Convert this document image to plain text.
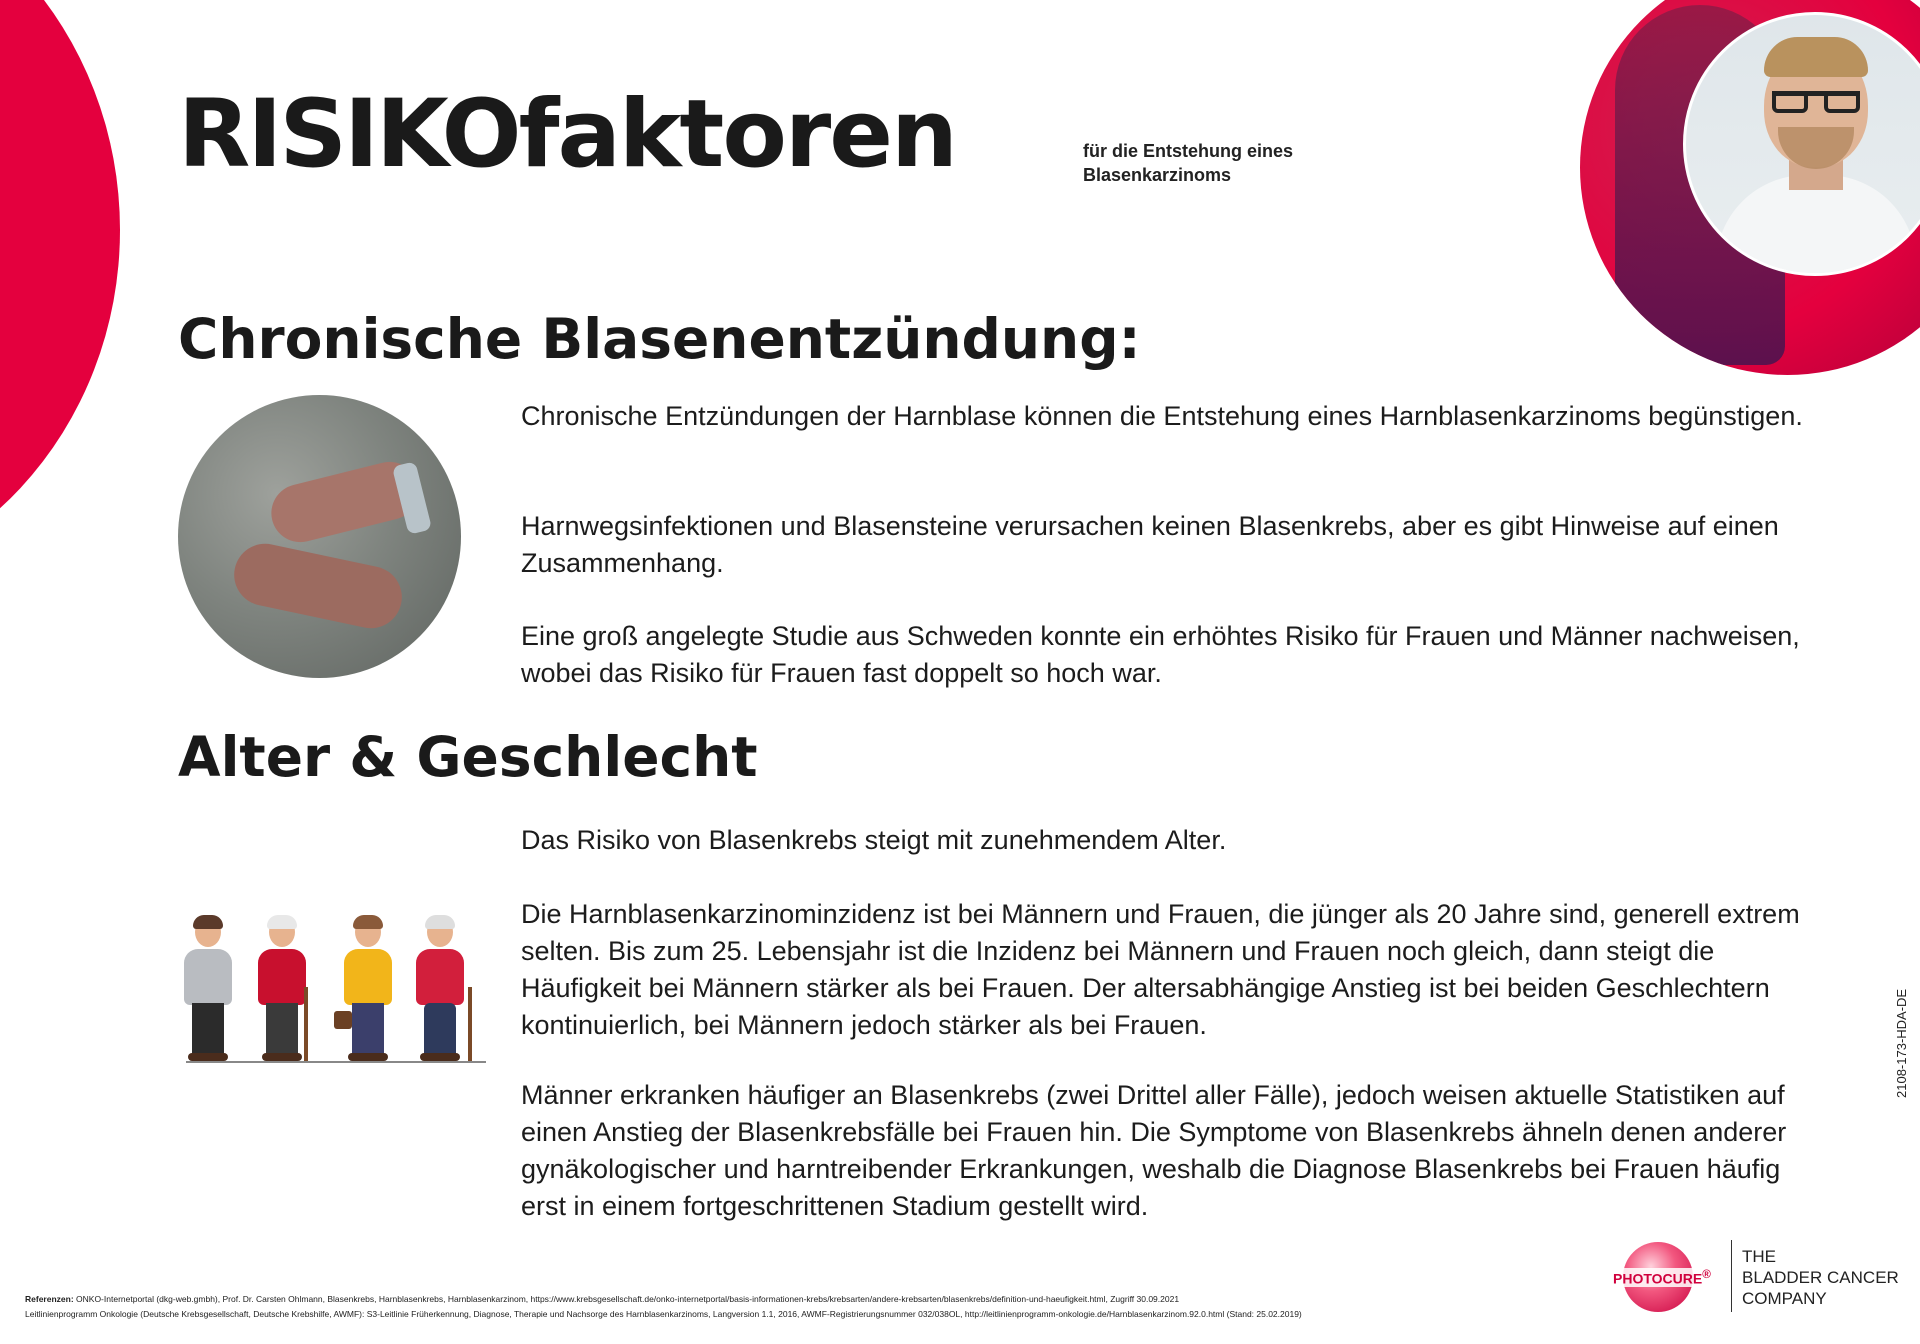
RISIKOfaktoren	für die Entstehung eines
Blasenkarzinoms
Chronische Blasenentzündung:

Chronische Entzündungen der Harnblase können die Entstehung eines Harnblasenkarzinoms begünstigen.

Harnwegsinfektionen und Blasensteine verursachen keinen Blasenkrebs, aber es gibt Hinweise auf einen Zusammenhang.

Eine groß angelegte Studie aus Schweden konnte ein erhöhtes Risiko für Frauen und Männer nachweisen, wobei das Risiko für Frauen fast doppelt so hoch war.

Alter & Geschlecht

Das Risiko von Blasenkrebs steigt mit zunehmendem Alter.

Die Harnblasenkarzinominzidenz ist bei Männern und Frauen, die jünger als 20 Jahre sind, generell extrem selten. Bis zum 25. Lebensjahr ist die Inzidenz bei Männern und Frauen noch gleich, dann steigt die Häufigkeit bei Männern stärker als bei Frauen. Der altersabhängige Anstieg ist bei beiden Geschlechtern kontinuierlich, bei Männern jedoch stärker als bei Frauen.

Männer erkranken häufiger an Blasenkrebs (zwei Drittel aller Fälle), jedoch weisen aktuelle Statistiken auf einen Anstieg der Blasenkrebsfälle bei Frauen hin. Die Symptome von Blasenkrebs ähneln denen anderer gynäkologischer und harntreibender Erkrankungen, weshalb die Diagnose Blasenkrebs bei Frauen häufig erst in einem fortgeschrittenen Stadium gestellt wird.

2108-173-HDA-DE
Referenzen: ONKO-Internetportal (dkg-web.gmbh), Prof. Dr. Carsten Ohlmann, Blasenkrebs, Harnblasenkrebs, Harnblasenkarzinom, https://www.krebsgesellschaft.de/onko-internetportal/basis-informationen-krebs/krebsarten/andere-krebsarten/blasenkrebs/definition-und-haeufigkeit.html, Zugriff 30.09.2021
Leitlinienprogramm Onkologie (Deutsche Krebsgesellschaft, Deutsche Krebshilfe, AWMF): S3-Leitlinie Früherkennung, Diagnose, Therapie und Nachsorge des Harnblasenkarzinoms, Langversion 1.1, 2016, AWMF-Registrierungsnummer 032/038OL, http://leitlinienprogramm-onkologie.de/Harnblasenkarzinom.92.0.html (Stand: 25.02.2019)
PHOTOCURE®
THE
BLADDER CANCER
COMPANY
